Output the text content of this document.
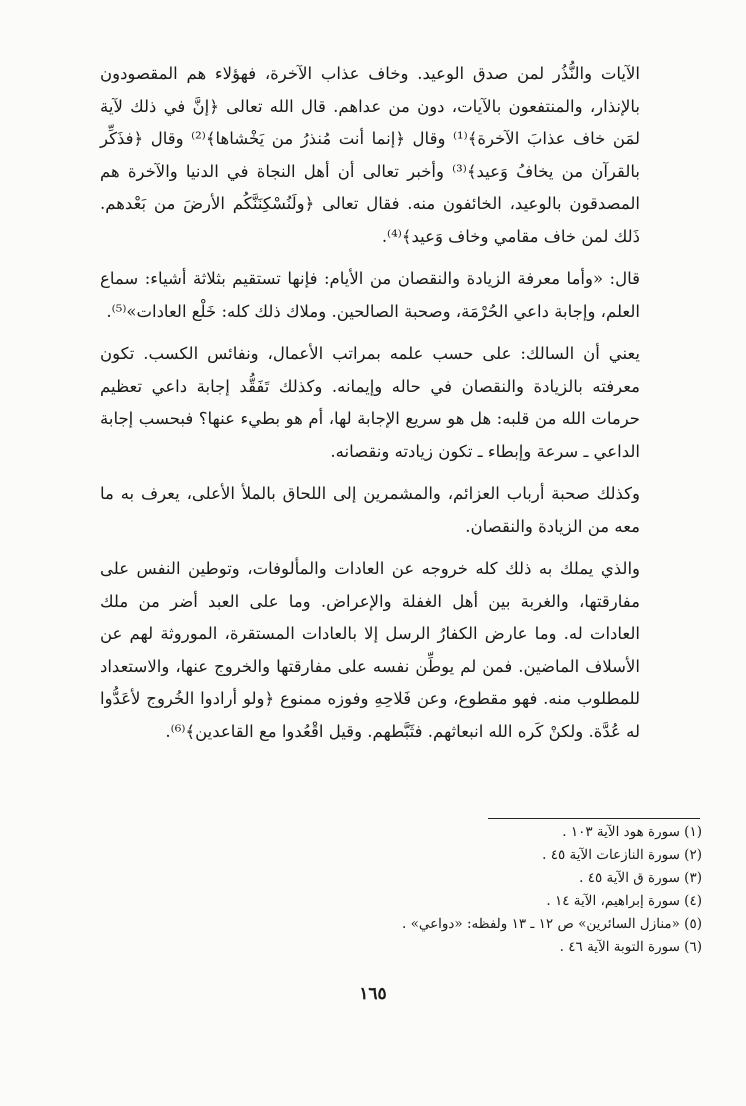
الآيات والنُّذُر لمن صدق الوعيد. وخاف عذاب الآخرة، فهؤلاء هم المقصودون بالإنذار، والمنتفعون بالآيات، دون من عداهم. قال الله تعالى ﴿إنَّ في ذلك لآية لمَن خاف عذابَ الآخرة﴾⁽¹⁾ وقال ﴿إنما أنت مُنذرُ من يَخْشاها﴾⁽²⁾ وقال ﴿فذَكِّر بالقرآن من يخافُ وَعيد﴾⁽³⁾ وأخبر تعالى أن أهل النجاة في الدنيا والآخرة هم المصدقون بالوعيد، الخائفون منه. فقال تعالى ﴿ولَنُسْكِنَنَّكُم الأرضَ من بَعْدهم. ذَلك لمن خاف مقامي وخاف وَعيد﴾⁽⁴⁾.

قال: «وأما معرفة الزيادة والنقصان من الأيام: فإنها تستقيم بثلاثة أشياء: سماع العلم، وإجابة داعي الحُرْمَة، وصحبة الصالحين. وملاك ذلك كله: خَلْع العادات»⁽⁵⁾.

يعني أن السالك: على حسب علمه بمراتب الأعمال، ونفائس الكسب. تكون معرفته بالزيادة والنقصان في حاله وإيمانه. وكذلك تَفَقُّد إجابة داعي تعظيم حرمات الله من قلبه: هل هو سريع الإجابة لها، أم هو بطيء عنها؟ فبحسب إجابة الداعي ـ سرعة وإبطاء ـ تكون زيادته ونقصانه.

وكذلك صحبة أرباب العزائم، والمشمرين إلى اللحاق بالملأ الأعلى، يعرف به ما معه من الزيادة والنقصان.

والذي يملك به ذلك كله خروجه عن العادات والمألوفات، وتوطين النفس على مفارقتها، والغربة بين أهل الغفلة والإعراض. وما على العبد أضر من ملك العادات له. وما عارض الكفارُ الرسل إلا بالعادات المستقرة، الموروثة لهم عن الأسلاف الماضين. فمن لم يوطِّن نفسه على مفارقتها والخروج عنها، والاستعداد للمطلوب منه. فهو مقطوع، وعن فَلاحِهِ وفوزه ممنوع ﴿ولو أرادوا الخُروج لأعَدُّوا له عُدَّة. ولكنْ كَره الله انبعاثهم. فثَبَّطهم. وقيل اقْعُدوا مع القاعدين﴾⁽⁶⁾.

(١) سورة هود الآية ١٠٣ .
(٢) سورة النازعات الآية ٤٥ .
(٣) سورة ق الآية ٤٥ .
(٤) سورة إبراهيم، الآية ١٤ .
(٥) «منازل السائرين» ص ١٢ ـ ١٣ ولفظه: «دواعي» .
(٦) سورة التوبة الآية ٤٦ .
١٦٥
